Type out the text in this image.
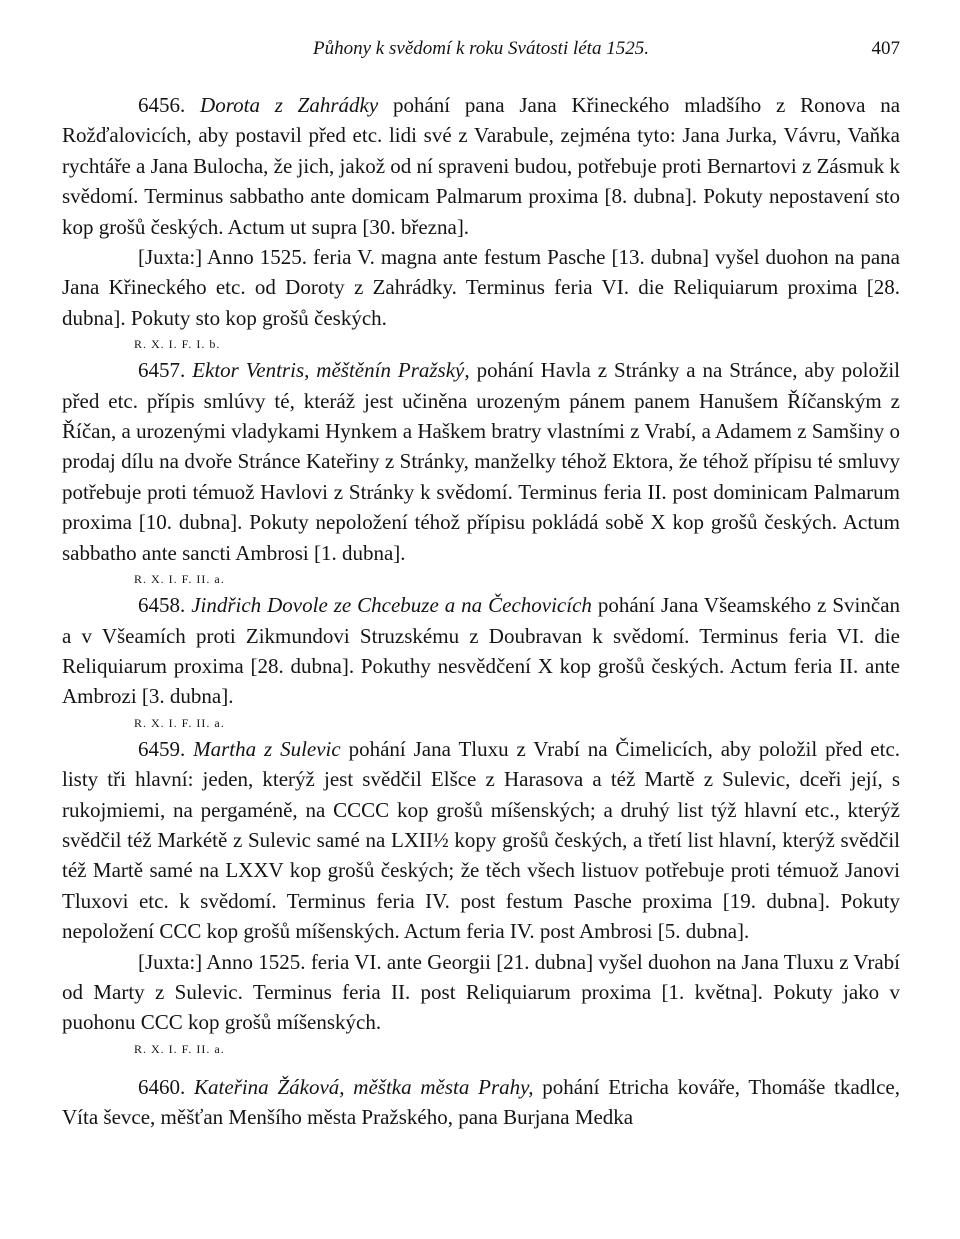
Půhony k svědomí k roku Svátosti léta 1525.	407

6456. Dorota z Zahrádky pohání pana Jana Křineckého mladšího z Ronova na Rožďalovicích, aby postavil před etc. lidi své z Varabule, zejména tyto: Jana Jurka, Vávru, Vaňka rychtáře a Jana Bulocha, že jich, jakož od ní spraveni budou, potřebuje proti Bernartovi z Zásmuk k svědomí. Terminus sabbatho ante domicam Palmarum proxima [8. dubna]. Pokuty nepostavení sto kop grošů českých. Actum ut supra [30. března].

[Juxta:] Anno 1525. feria V. magna ante festum Pasche [13. dubna] vyšel duohon na pana Jana Křineckého etc. od Doroty z Zahrádky. Terminus feria VI. die Reliquiarum proxima [28. dubna]. Pokuty sto kop grošů českých.

R. X. I. F. I. b.

6457. Ektor Ventris, měštěnín Pražský, pohání Havla z Stránky a na Stránce, aby položil před etc. přípis smlúvy té, kteráž jest učiněna urozeným pánem panem Hanušem Říčanským z Říčan, a urozenými vladykami Hynkem a Haškem bratry vlastními z Vrabí, a Adamem z Samšiny o prodaj dílu na dvoře Stránce Kateřiny z Stránky, manželky téhož Ektora, že téhož přípisu té smluvy potřebuje proti témuož Havlovi z Stránky k svědomí. Terminus feria II. post dominicam Palmarum proxima [10. dubna]. Pokuty nepoložení téhož přípisu pokládá sobě X kop grošů českých. Actum sabbatho ante sancti Ambrosi [1. dubna].

R. X. I. F. II. a.

6458. Jindřich Dovole ze Chcebuze a na Čechovicích pohání Jana Všeamského z Svinčan a v Všeamích proti Zikmundovi Struzskému z Doubravan k svědomí. Terminus feria VI. die Reliquiarum proxima [28. dubna]. Pokuthy nesvědčení X kop grošů českých. Actum feria II. ante Ambrozi [3. dubna].

R. X. I. F. II. a.

6459. Martha z Sulevic pohání Jana Tluxu z Vrabí na Čimelicích, aby položil před etc. listy tři hlavní: jeden, kterýž jest svědčil Elšce z Harasova a též Martě z Sulevic, dceři její, s rukojmiemi, na pergaméně, na CCCC kop grošů míšenských; a druhý list týž hlavní etc., kterýž svědčil též Markétě z Sulevic samé na LXII½ kopy grošů českých, a třetí list hlavní, kterýž svědčil též Martě samé na LXXV kop grošů českých; že těch všech listuov potřebuje proti témuož Janovi Tluxovi etc. k svědomí. Terminus feria IV. post festum Pasche proxima [19. dubna]. Pokuty nepoložení CCC kop grošů míšenských. Actum feria IV. post Ambrosi [5. dubna].

[Juxta:] Anno 1525. feria VI. ante Georgii [21. dubna] vyšel duohon na Jana Tluxu z Vrabí od Marty z Sulevic. Terminus feria II. post Reliquiarum proxima [1. května]. Pokuty jako v puohonu CCC kop grošů míšenských.

R. X. I. F. II. a.

6460. Kateřina Žáková, měštka města Prahy, pohání Etricha kováře, Thomáše tkadlce, Víta ševce, měšťan Menšího města Pražského, pana Burjana Medka
